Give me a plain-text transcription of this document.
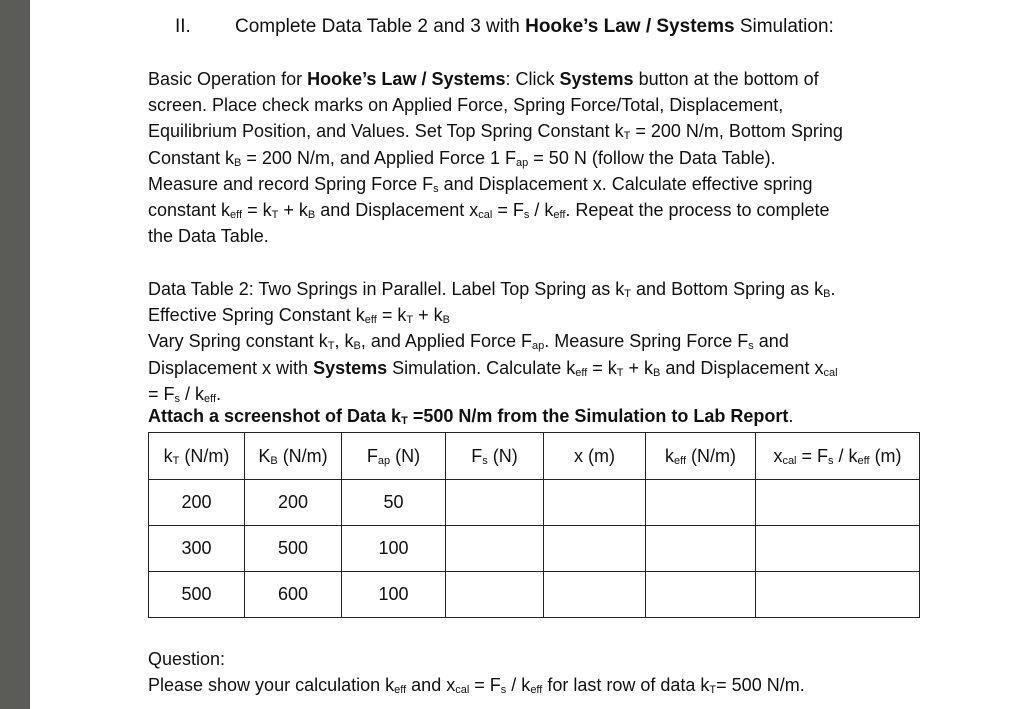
II. Complete Data Table 2 and 3 with Hooke’s Law / Systems Simulation:
Basic Operation for Hooke’s Law / Systems: Click Systems button at the bottom of
screen. Place check marks on Applied Force, Spring Force/Total, Displacement,
Equilibrium Position, and Values. Set Top Spring Constant $k_T = 200$ N/m, Bottom Spring
Constant $k_B = 200$ N/m, and Applied Force 1 $F_{ap} = 50$ N (follow the Data Table).
Measure and record Spring Force $F_s$ and Displacement x. Calculate effective spring
constant $k_{eff} = k_T + k_B$ and Displacement $x_{cal} = F_s / k_{eff}$. Repeat the process to complete
the Data Table.
Data Table 2: Two Springs in Parallel. Label Top Spring as $k_T$ and Bottom Spring as $k_B$.
Effective Spring Constant $k_{eff} = k_T + k_B$
Vary Spring constant $k_T$, $k_B$, and Applied Force $F_{ap}$. Measure Spring Force $F_s$ and
Displacement x with Systems Simulation. Calculate $k_{eff} = k_T + k_B$ and Displacement $x_{cal}$
= $F_s / k_{eff}$.
Attach a screenshot of Data $k_T =500$ N/m from the Simulation to Lab Report.
$k_T$ (N/m)	$K_B$ (N/m)	$F_{ap}$ (N)	$F_s$ (N)	x (m)	$k_{eff}$ (N/m)	$x_{cal} = F_s / k_{eff}$ (m)
200	200	50				
300	500	100				
500	600	100				
Question:
Please show your calculation $k_{eff}$ and $x_{cal} = F_s / k_{eff}$ for last row of data $k_T= 500$ N/m.
